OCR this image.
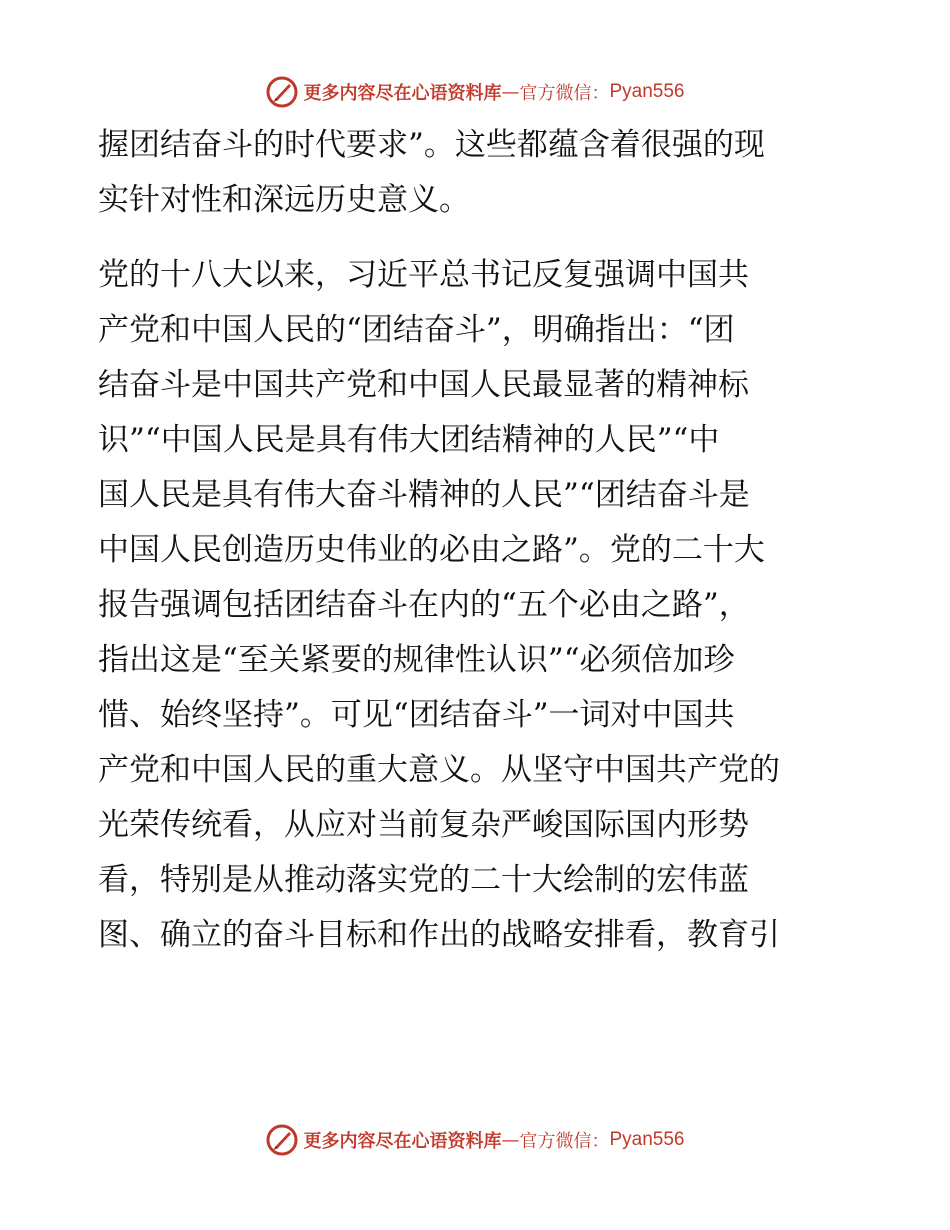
更多内容尽在心语资料库 — 官方微信： Pyan556
握团结奋斗的时代要求”。这些都蕴含着很强的现
实针对性和深远历史意义。
党的十八大以来，习近平总书记反复强调中国共
产党和中国人民的“团结奋斗”，明确指出：“团
结奋斗是中国共产党和中国人民最显著的精神标
识”“中国人民是具有伟大团结精神的人民”“中
国人民是具有伟大奋斗精神的人民”“团结奋斗是
中国人民创造历史伟业的必由之路”。党的二十大
报告强调包括团结奋斗在内的“五个必由之路”，
指出这是“至关紧要的规律性认识”“必须倍加珍
惜、始终坚持”。可见“团结奋斗”一词对中国共
产党和中国人民的重大意义。从坚守中国共产党的
光荣传统看，从应对当前复杂严峻国际国内形势
看，特别是从推动落实党的二十大绘制的宏伟蓝
图、确立的奋斗目标和作出的战略安排看，教育引
更多内容尽在心语资料库 — 官方微信： Pyan556
